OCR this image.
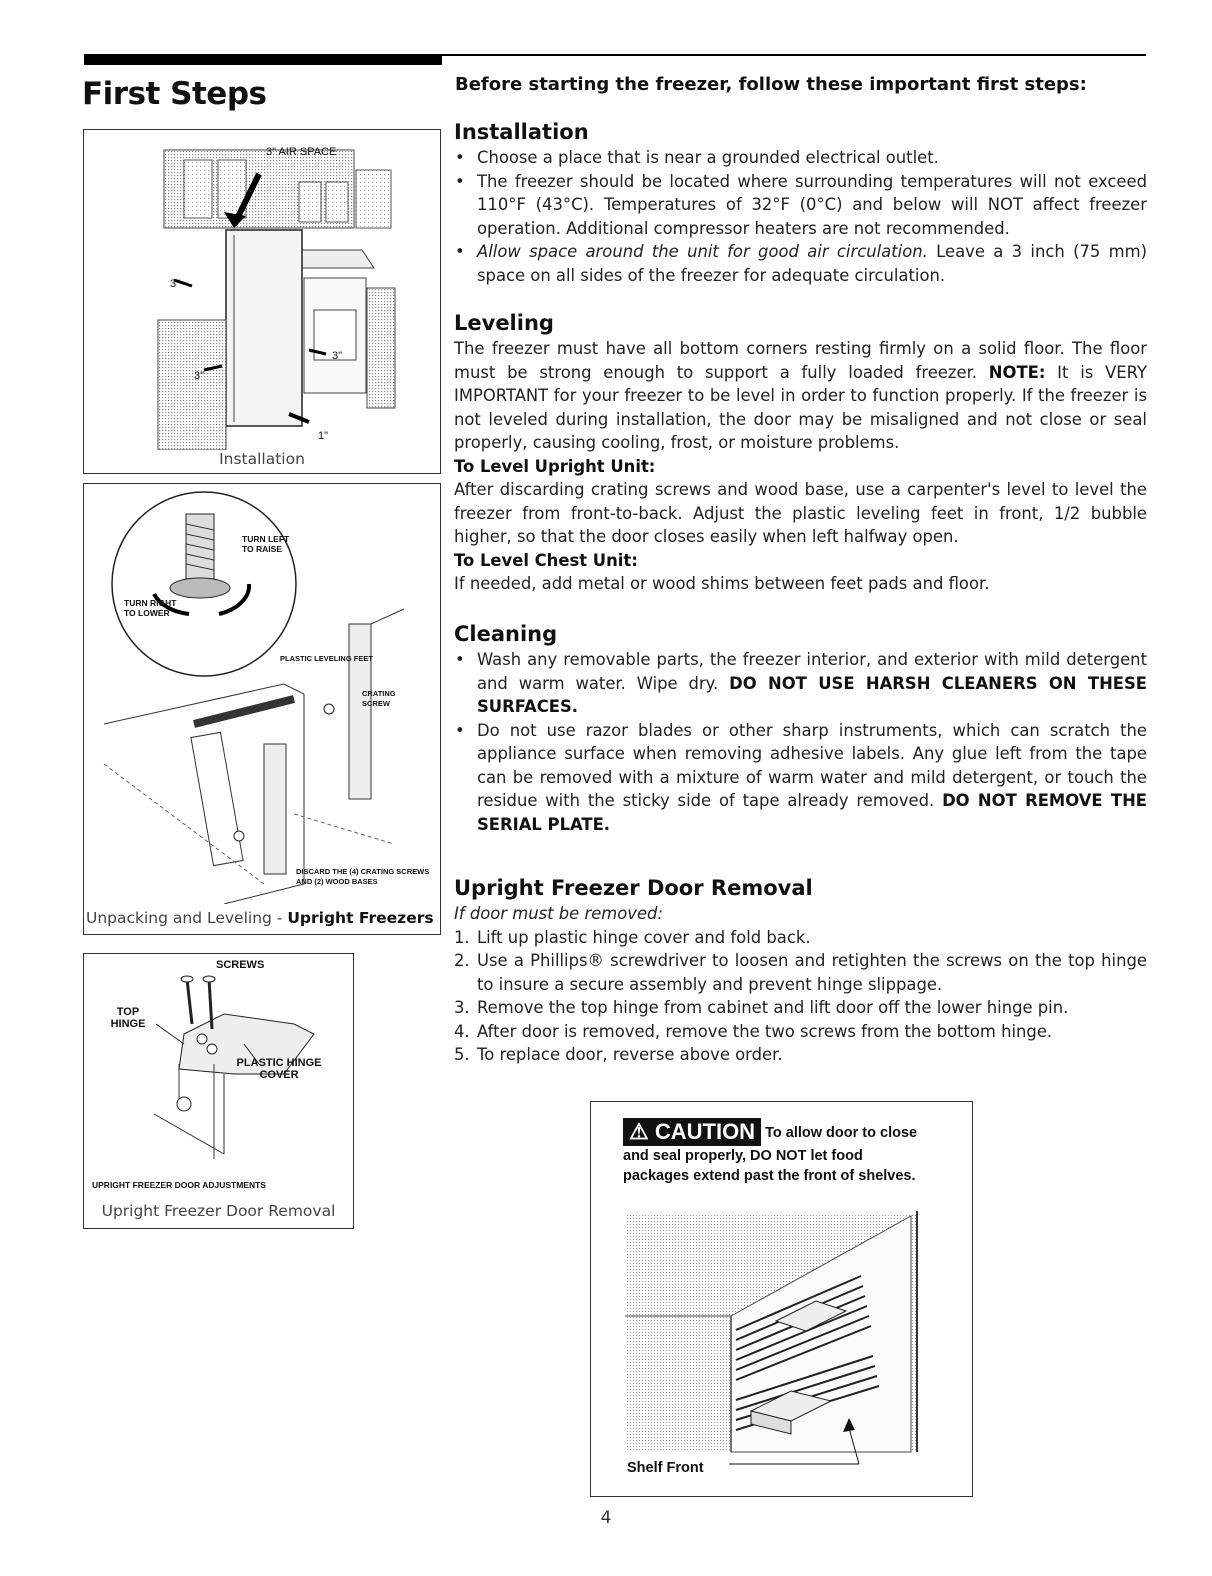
First Steps	Before starting the freezer, follow these important first steps:
3" AIR SPACE
3"
3"
3"
1"
Installation
TURN LEFT TO RAISE
TURN RIGHT TO LOWER
PLASTIC LEVELING FEET
CRATING SCREW
DISCARD THE (4) CRATING SCREWS AND (2) WOOD BASES
Unpacking and Leveling - Upright Freezers
SCREWS
TOP HINGE
PLASTIC HINGE COVER
UPRIGHT FREEZER DOOR ADJUSTMENTS
Upright Freezer Door Removal
Installation
• Choose a place that is near a grounded electrical outlet.
• The freezer should be located where surrounding temperatures will not exceed 110°F (43°C). Temperatures of 32°F (0°C) and below will NOT affect freezer operation. Additional compressor heaters are not recommended.
• Allow space around the unit for good air circulation. Leave a 3 inch (75 mm) space on all sides of the freezer for adequate circulation.
Leveling

The freezer must have all bottom corners resting firmly on a solid floor. The floor must be strong enough to support a fully loaded freezer. NOTE: It is VERY IMPORTANT for your freezer to be level in order to function properly. If the freezer is not leveled during installation, the door may be misaligned and not close or seal properly, causing cooling, frost, or moisture problems.

To Level Upright Unit:

After discarding crating screws and wood base, use a carpenter's level to level the freezer from front-to-back. Adjust the plastic leveling feet in front, 1/2 bubble higher, so that the door closes easily when left halfway open.

To Level Chest Unit:

If needed, add metal or wood shims between feet pads and floor.

Cleaning
• Wash any removable parts, the freezer interior, and exterior with mild detergent and warm water. Wipe dry. DO NOT USE HARSH CLEANERS ON THESE SURFACES.
• Do not use razor blades or other sharp instruments, which can scratch the appliance surface when removing adhesive labels. Any glue left from the tape can be removed with a mixture of warm water and mild detergent, or touch the residue with the sticky side of tape already removed. DO NOT REMOVE THE SERIAL PLATE.
Upright Freezer Door Removal
If door must be removed:
1. Lift up plastic hinge cover and fold back.
2. Use a Phillips® screwdriver to loosen and retighten the screws on the top hinge to insure a secure assembly and prevent hinge slippage.
3. Remove the top hinge from cabinet and lift door off the lower hinge pin.
4. After door is removed, remove the two screws from the bottom hinge.
5. To replace door, reverse above order.
⚠︎ CAUTION To allow door to close and seal properly, DO NOT let food packages extend past the front of shelves.
Shelf Front
4
